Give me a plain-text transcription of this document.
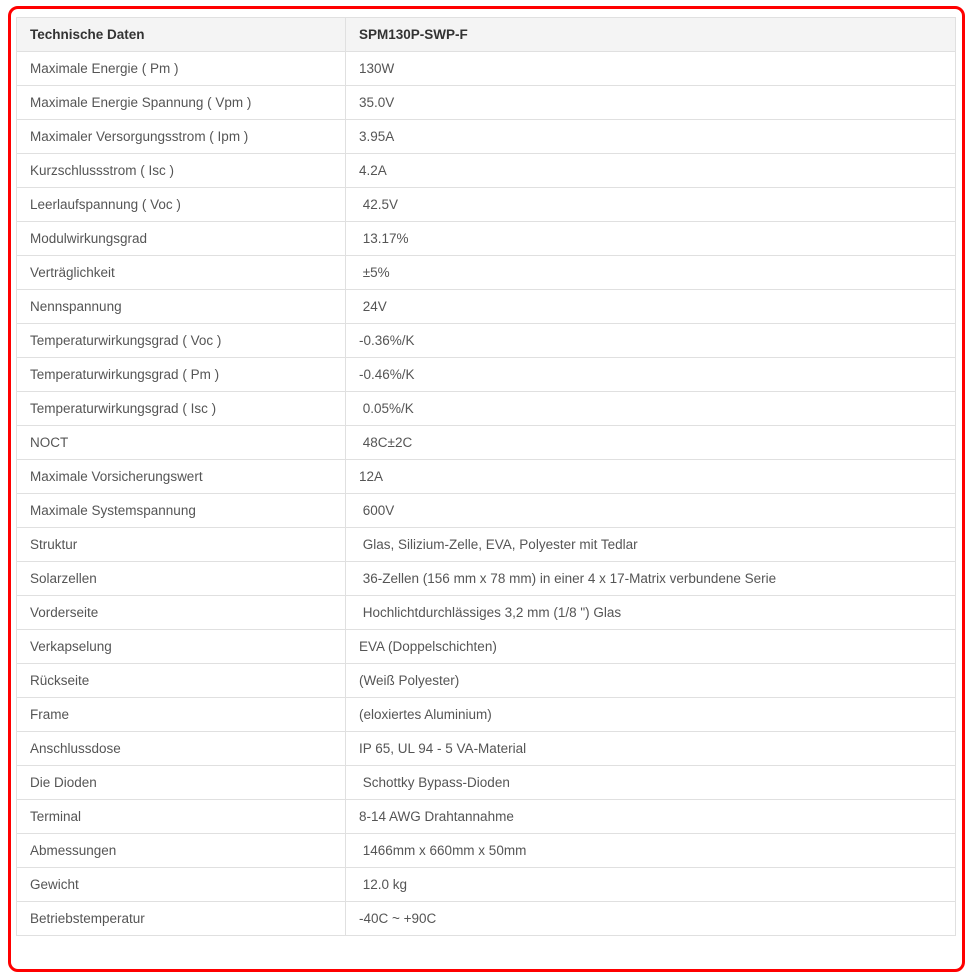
Technische Daten	SPM130P-SWP-F
Maximale Energie ( Pm )	130W
Maximale Energie Spannung ( Vpm )	35.0V
Maximaler Versorgungsstrom ( Ipm )	3.95A
Kurzschlussstrom ( Isc )	4.2A
Leerlaufspannung ( Voc )	42.5V
Modulwirkungsgrad	13.17%
Verträglichkeit	±5%
Nennspannung	24V
Temperaturwirkungsgrad ( Voc )	-0.36%/K
Temperaturwirkungsgrad ( Pm )	-0.46%/K
Temperaturwirkungsgrad ( Isc )	0.05%/K
NOCT	48C±2C
Maximale Vorsicherungswert	12A
Maximale Systemspannung	600V
Struktur	Glas, Silizium-Zelle, EVA, Polyester mit Tedlar
Solarzellen	36-Zellen (156 mm x 78 mm) in einer 4 x 17-Matrix verbundene Serie
Vorderseite	Hochlichtdurchlässiges 3,2 mm (1/8 ") Glas
Verkapselung	EVA (Doppelschichten)
Rückseite	(Weiß Polyester)
Frame	(eloxiertes Aluminium)
Anschlussdose	IP 65, UL 94 - 5 VA-Material
Die Dioden	Schottky Bypass-Dioden
Terminal	8-14 AWG Drahtannahme
Abmessungen	1466mm x 660mm x 50mm
Gewicht	12.0 kg
Betriebstemperatur	-40C ~ +90C
